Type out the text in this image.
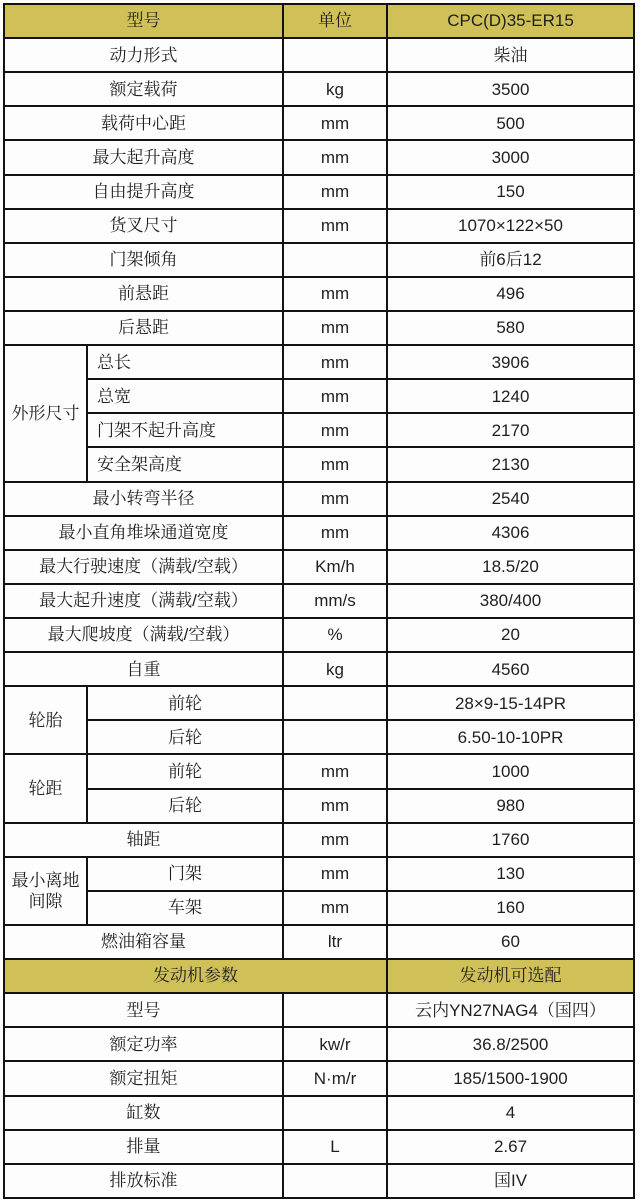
型号		单位	CPC(D)35-ER15
动力形式			柴油
额定载荷		kg	3500
载荷中心距		mm	500
最大起升高度		mm	3000
自由提升高度		mm	150
货叉尺寸		mm	1070×122×50
门架倾角			前6后12
前悬距		mm	496
后悬距		mm	580
外形尺寸	总长	mm	3906
	总宽	mm	1240
	门架不起升高度	mm	2170
	安全架高度	mm	2130
最小转弯半径		mm	2540
最小直角堆垛通道宽度		mm	4306
最大行驶速度（满载/空载）		Km/h	18.5/20
最大起升速度（满载/空载）		mm/s	380/400
最大爬坡度（满载/空载）		%	20
自重		kg	4560
轮胎	前轮		28×9-15-14PR
	后轮		6.50-10-10PR
轮距	前轮	mm	1000
	后轮	mm	980
轴距		mm	1760
最小离地间隙	门架	mm	130
	车架	mm	160
燃油箱容量		ltr	60
发动机参数			发动机可选配
型号			云内YN27NAG4（国四）
额定功率		kw/r	36.8/2500
额定扭矩		N·m/r	185/1500-1900
缸数			4
排量		L	2.67
排放标准			国IV
